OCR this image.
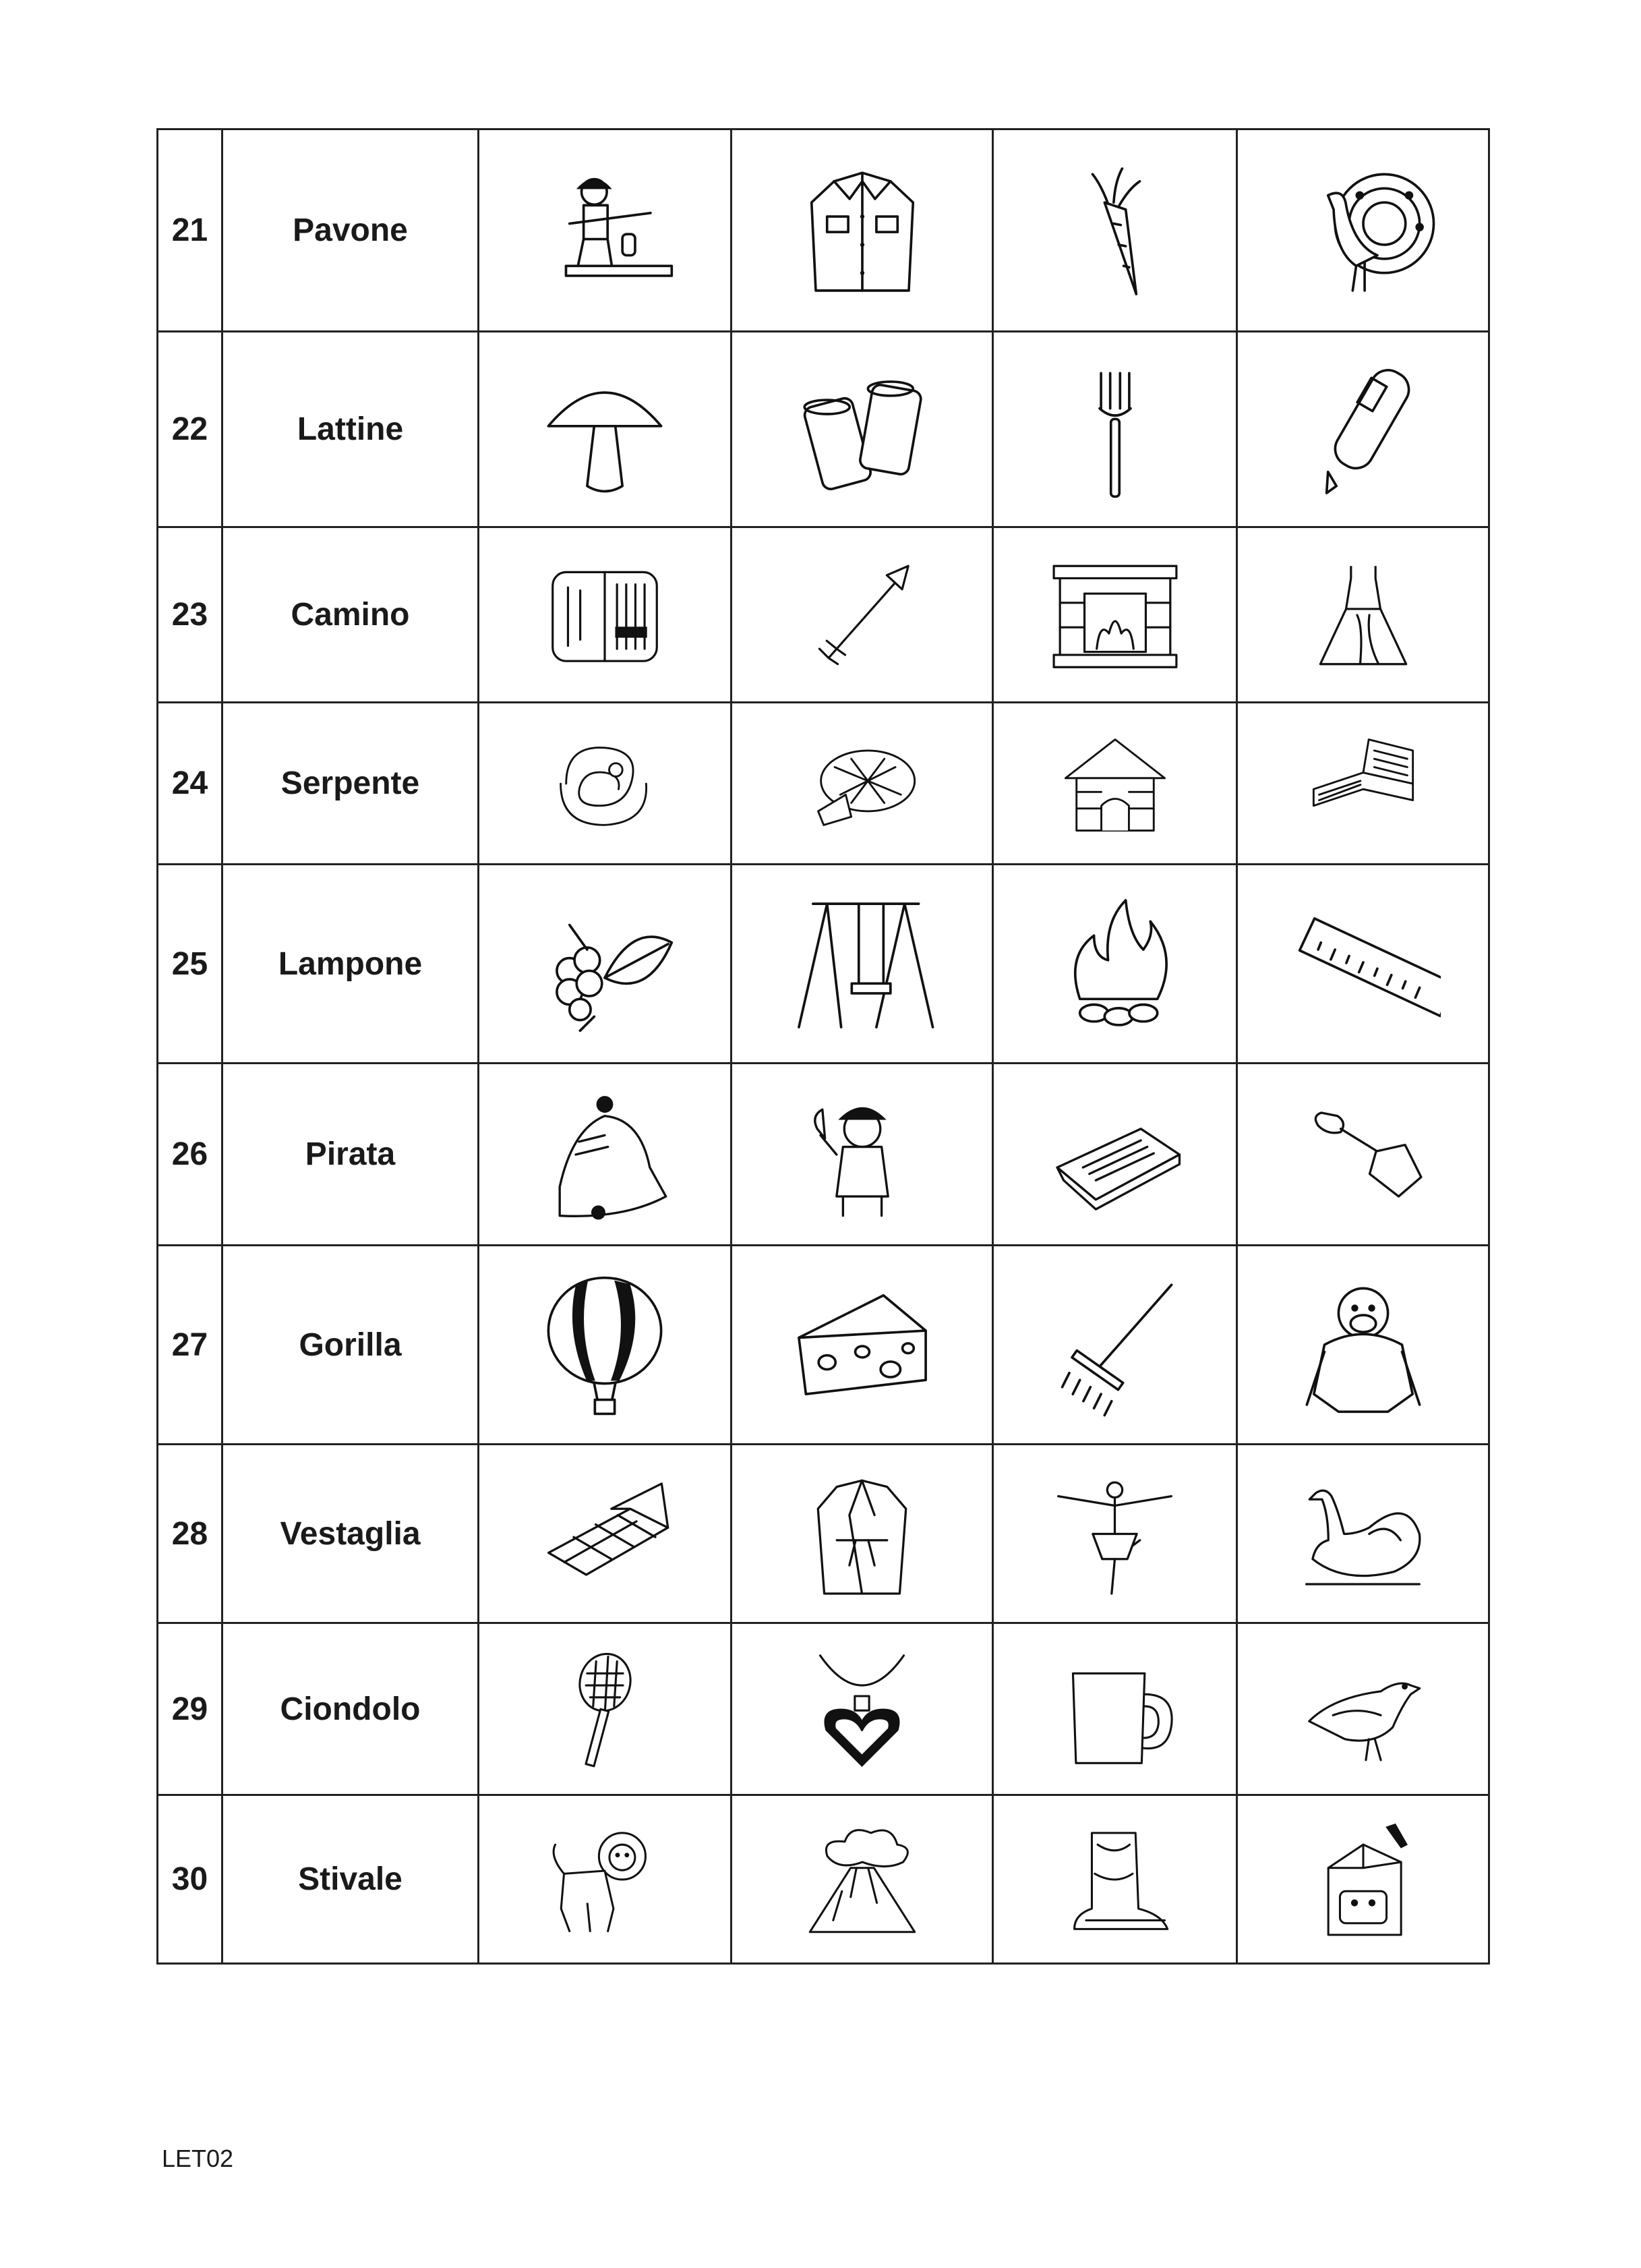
21	Pavone	

22	Lattine	

23	Camino	

24	Serpente	

25	Lampone	

26	Pirata	

27	Gorilla	

28	Vestaglia	

29	Ciondolo	

30	Stivale	

LET02
